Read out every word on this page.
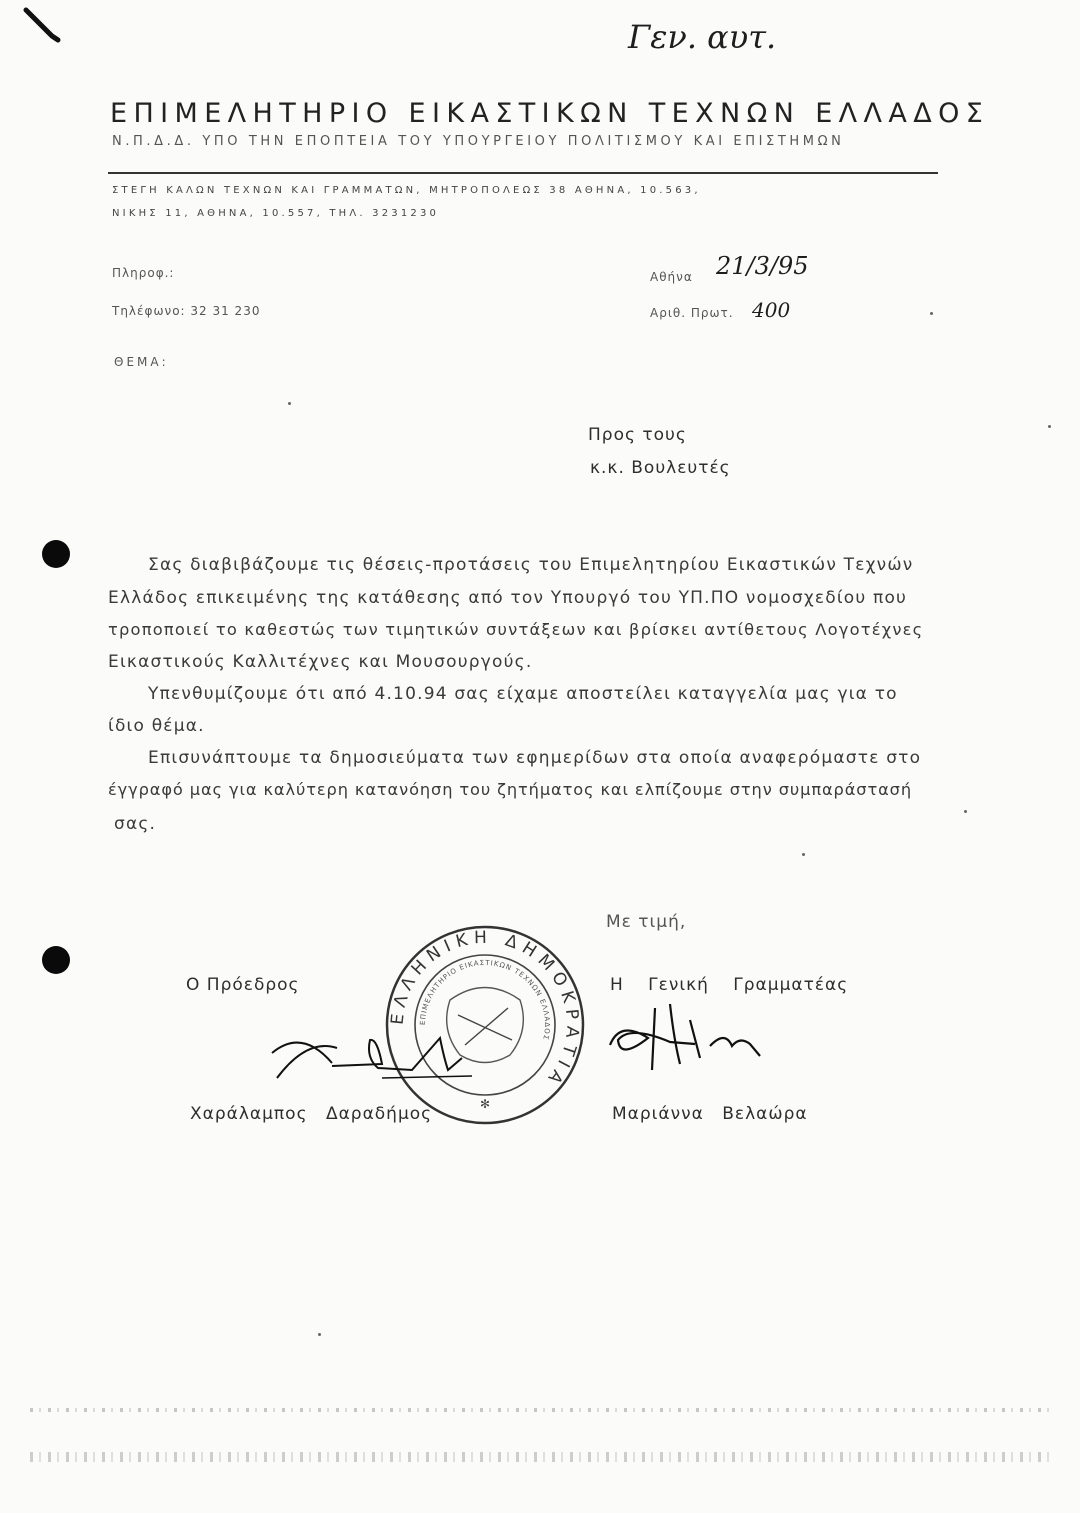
Γεν. αυτ.
ΕΠΙΜΕΛΗΤΗΡΙΟ ΕΙΚΑΣΤΙΚΩΝ ΤΕΧΝΩΝ ΕΛΛΑΔΟΣ
Ν.Π.Δ.Δ. ΥΠΟ ΤΗΝ ΕΠΟΠΤΕΙΑ ΤΟΥ ΥΠΟΥΡΓΕΙΟΥ ΠΟΛΙΤΙΣΜΟΥ ΚΑΙ ΕΠΙΣΤΗΜΩΝ
ΣΤΕΓΗ ΚΑΛΩΝ ΤΕΧΝΩΝ ΚΑΙ ΓΡΑΜΜΑΤΩΝ, ΜΗΤΡΟΠΟΛΕΩΣ 38 ΑΘΗΝΑ, 10.563,
ΝΙΚΗΣ 11, ΑΘΗΝΑ, 10.557, ΤΗΛ. 3231230
Πληροφ.:
Τηλέφωνο: 32 31 230
ΘΕΜΑ:
Αθήνα 21/3/95
Αριθ. Πρωτ. 400
Προς τους
κ.κ. Βουλευτές
Σας διαβιβάζουμε τις θέσεις-προτάσεις του Επιμελητηρίου Εικαστικών Τεχνών
Ελλάδος επικειμένης της κατάθεσης από τον Υπουργό του ΥΠ.ΠΟ νομοσχεδίου που
τροποποιεί το καθεστώς των τιμητικών συντάξεων και βρίσκει αντίθετους Λογοτέχνες
Εικαστικούς Καλλιτέχνες και Μουσουργούς.
Υπενθυμίζουμε ότι από 4.10.94 σας είχαμε αποστείλει καταγγελία μας για το
ίδιο θέμα.
Επισυνάπτουμε τα δημοσιεύματα των εφημερίδων στα οποία αναφερόμαστε στο
έγγραφό μας για καλύτερη κατανόηση του ζητήματος και ελπίζουμε στην συμπαράστασή
σας.
Με τιμή,
Ο Πρόεδρος	Η Γενική Γραμματέας
Χαράλαμπος Δαραδήμος	Μαριάννα Βελαώρα
ΕΛΛΗΝΙΚΗ ΔΗΜΟΚΡΑΤΙΑ
ΕΠΙΜΕΛΗΤΗΡΙΟ ΕΙΚΑΣΤΙΚΩΝ ΤΕΧΝΩΝ ΕΛΛΑΔΟΣ
✻
